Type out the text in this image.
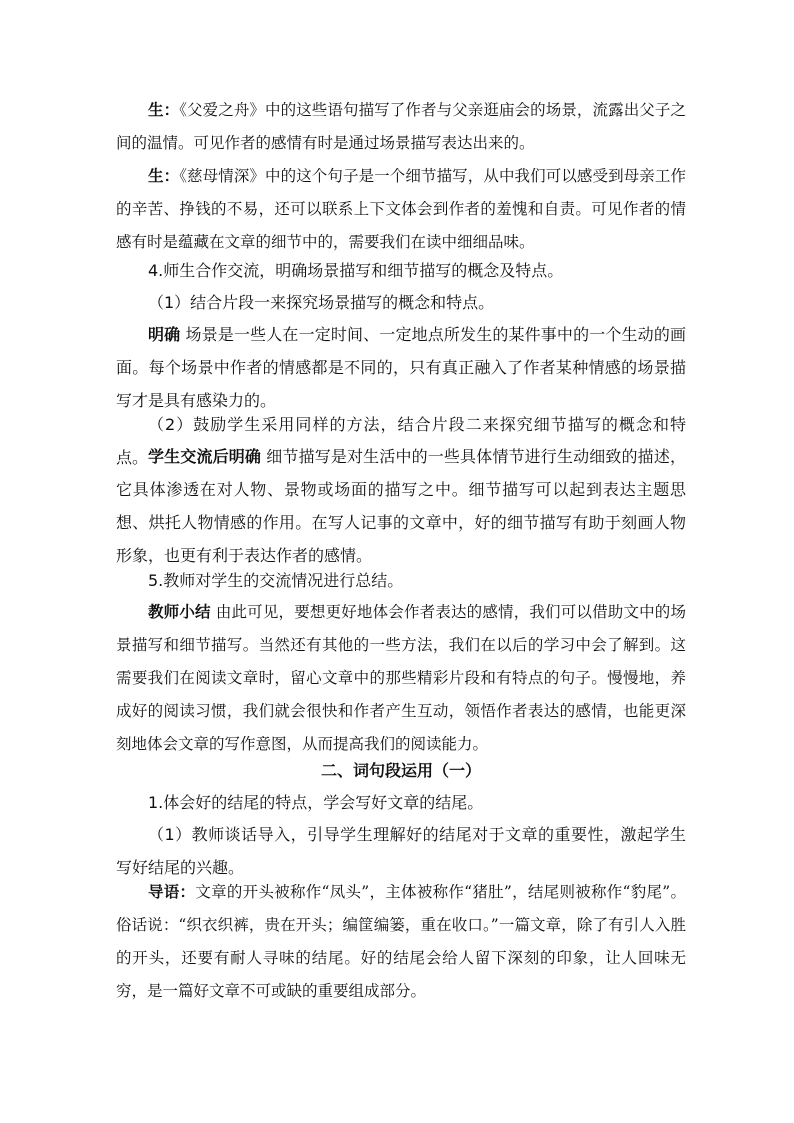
生：《父爱之舟》中的这些语句描写了作者与父亲逛庙会的场景，流露出父子之间的温情。可见作者的感情有时是通过场景描写表达出来的。
生：《慈母情深》中的这个句子是一个细节描写，从中我们可以感受到母亲工作的辛苦、挣钱的不易，还可以联系上下文体会到作者的羞愧和自责。可见作者的情感有时是蕴藏在文章的细节中的，需要我们在读中细细品味。
4.师生合作交流，明确场景描写和细节描写的概念及特点。
（1）结合片段一来探究场景描写的概念和特点。
明确 场景是一些人在一定时间、一定地点所发生的某件事中的一个生动的画面。每个场景中作者的情感都是不同的，只有真正融入了作者某种情感的场景描写才是具有感染力的。
（2）鼓励学生采用同样的方法，结合片段二来探究细节描写的概念和特点。 学生交流后明确 细节描写是对生活中的一些具体情节进行生动细致的描述，它具体渗透在对人物、景物或场面的描写之中。细节描写可以起到表达主题思想、烘托人物情感的作用。在写人记事的文章中，好的细节描写有助于刻画人物形象，也更有利于表达作者的感情。
5.教师对学生的交流情况进行总结。
教师小结 由此可见，要想更好地体会作者表达的感情，我们可以借助文中的场景描写和细节描写。当然还有其他的一些方法，我们在以后的学习中会了解到。这需要我们在阅读文章时，留心文章中的那些精彩片段和有特点的句子。慢慢地，养成好的阅读习惯，我们就会很快和作者产生互动，领悟作者表达的感情，也能更深刻地体会文章的写作意图，从而提高我们的阅读能力。
二、词句段运用（一）
1.体会好的结尾的特点，学会写好文章的结尾。
（1）教师谈话导入，引导学生理解好的结尾对于文章的重要性，激起学生写好结尾的兴趣。
导语：文章的开头被称作“凤头”，主体被称作“猪肚”，结尾则被称作“豹尾”。俗话说：“织衣织裤，贵在开头；编筐编篓，重在收口。”一篇文章，除了有引人入胜的开头，还要有耐人寻味的结尾。好的结尾会给人留下深刻的印象，让人回味无穷，是一篇好文章不可或缺的重要组成部分。
